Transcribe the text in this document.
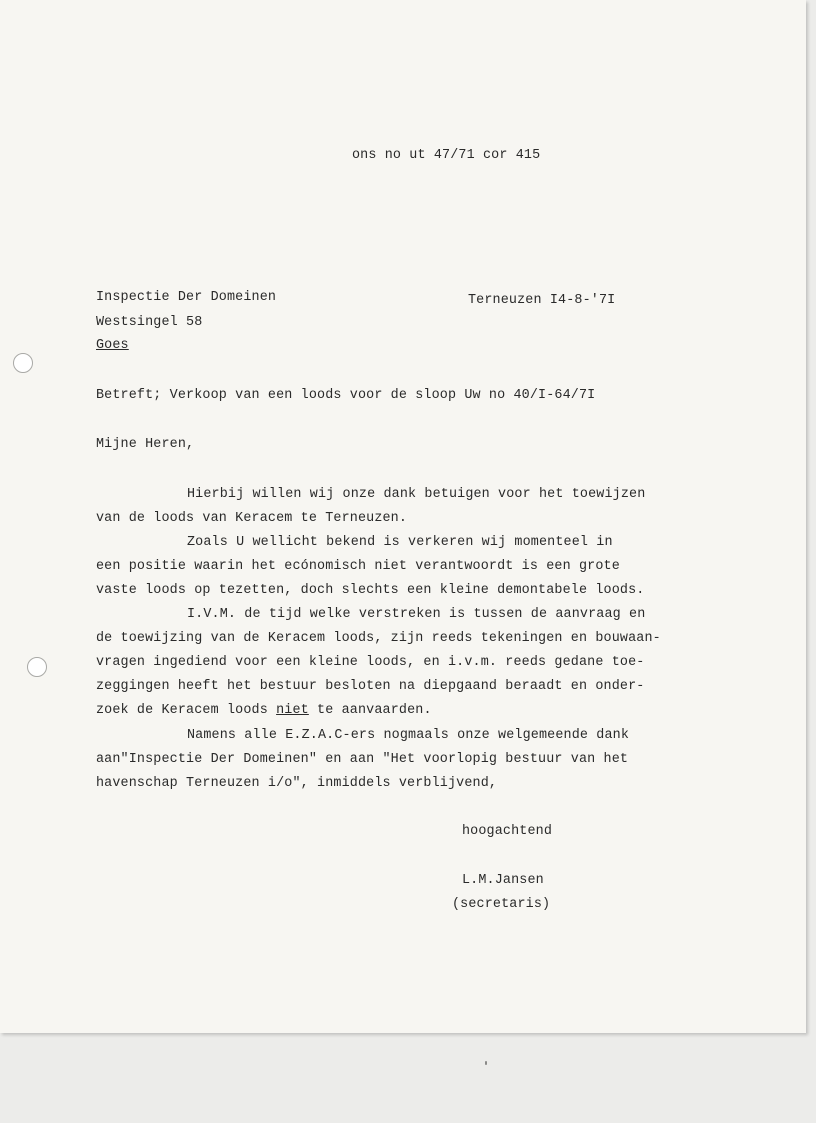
ons no ut 47/71 cor 415
Inspectie Der Domeinen	Terneuzen I4-8-'7I
Westsingel 58
Goes
Betreft; Verkoop van een loods voor de sloop Uw no 40/I-64/7I
Mijne Heren,
Hierbij willen wij onze dank betuigen voor het toewijzen
van de loods van Keracem te Terneuzen.
Zoals U wellicht bekend is verkeren wij momenteel in
een positie waarin het ecónomisch niet verantwoordt is een grote
vaste loods op tezetten, doch slechts een kleine demontabele loods.
I.V.M. de tijd welke verstreken is tussen de aanvraag en
de toewijzing van de Keracem loods, zijn reeds tekeningen en bouwaan-
vragen ingediend voor een kleine loods, en i.v.m. reeds gedane toe-
zeggingen heeft het bestuur besloten na diepgaand beraadt en onder-
zoek de Keracem loods niet te aanvaarden.
Namens alle E.Z.A.C-ers nogmaals onze welgemeende dank
aan"Inspectie Der Domeinen" en aan "Het voorlopig bestuur van het
havenschap Terneuzen i/o", inmiddels verblijvend,
hoogachtend
L.M.Jansen
(secretaris)
